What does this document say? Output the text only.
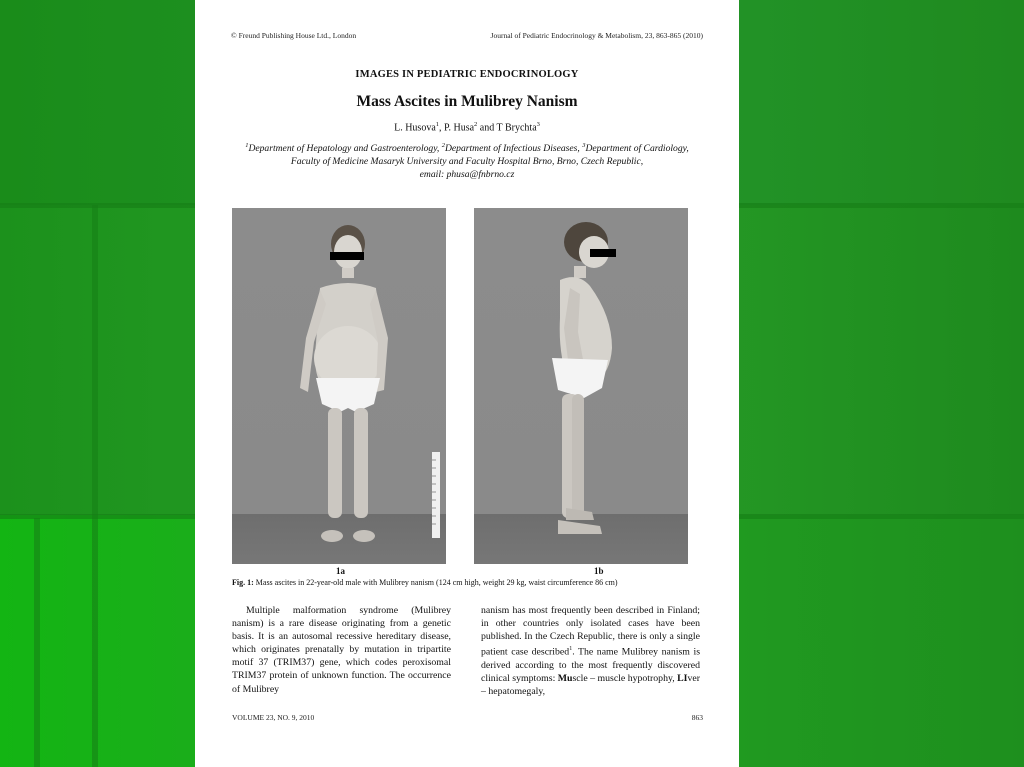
© Freund Publishing House Ltd., London	Journal of Pediatric Endocrinology & Metabolism, 23, 863-865 (2010)
IMAGES IN PEDIATRIC ENDOCRINOLOGY
Mass Ascites in Mulibrey Nanism
L. Husova$^1$, P. Husa$^2$ and T Brychta$^3$
$^1$Department of Hepatology and Gastroenterology, $^2$Department of Infectious Diseases, $^3$Department of Cardiology, Faculty of Medicine Masaryk University and Faculty Hospital Brno, Brno, Czech Republic,
email: phusa@fnbrno.cz
1a	1b
Fig. 1: Mass ascites in 22-year-old male with Mulibrey nanism (124 cm high, weight 29 kg, waist circumference 86 cm)
Multiple malformation syndrome (Mulibrey nanism) is a rare disease originating from a genetic basis. It is an autosomal recessive hereditary disease, which originates prenatally by mutation in tripartite motif 37 (TRIM37) gene, which codes peroxisomal TRIM37 protein of unknown function. The occurrence of Mulibrey
nanism has most frequently been described in Finland; in other countries only isolated cases have been published. In the Czech Republic, there is only a single patient case described$^1$. The name Mulibrey nanism is derived according to the most frequently discovered clinical symptoms: Muscle – muscle hypotrophy, LIver – hepatomegaly,
VOLUME 23, NO. 9, 2010	863
